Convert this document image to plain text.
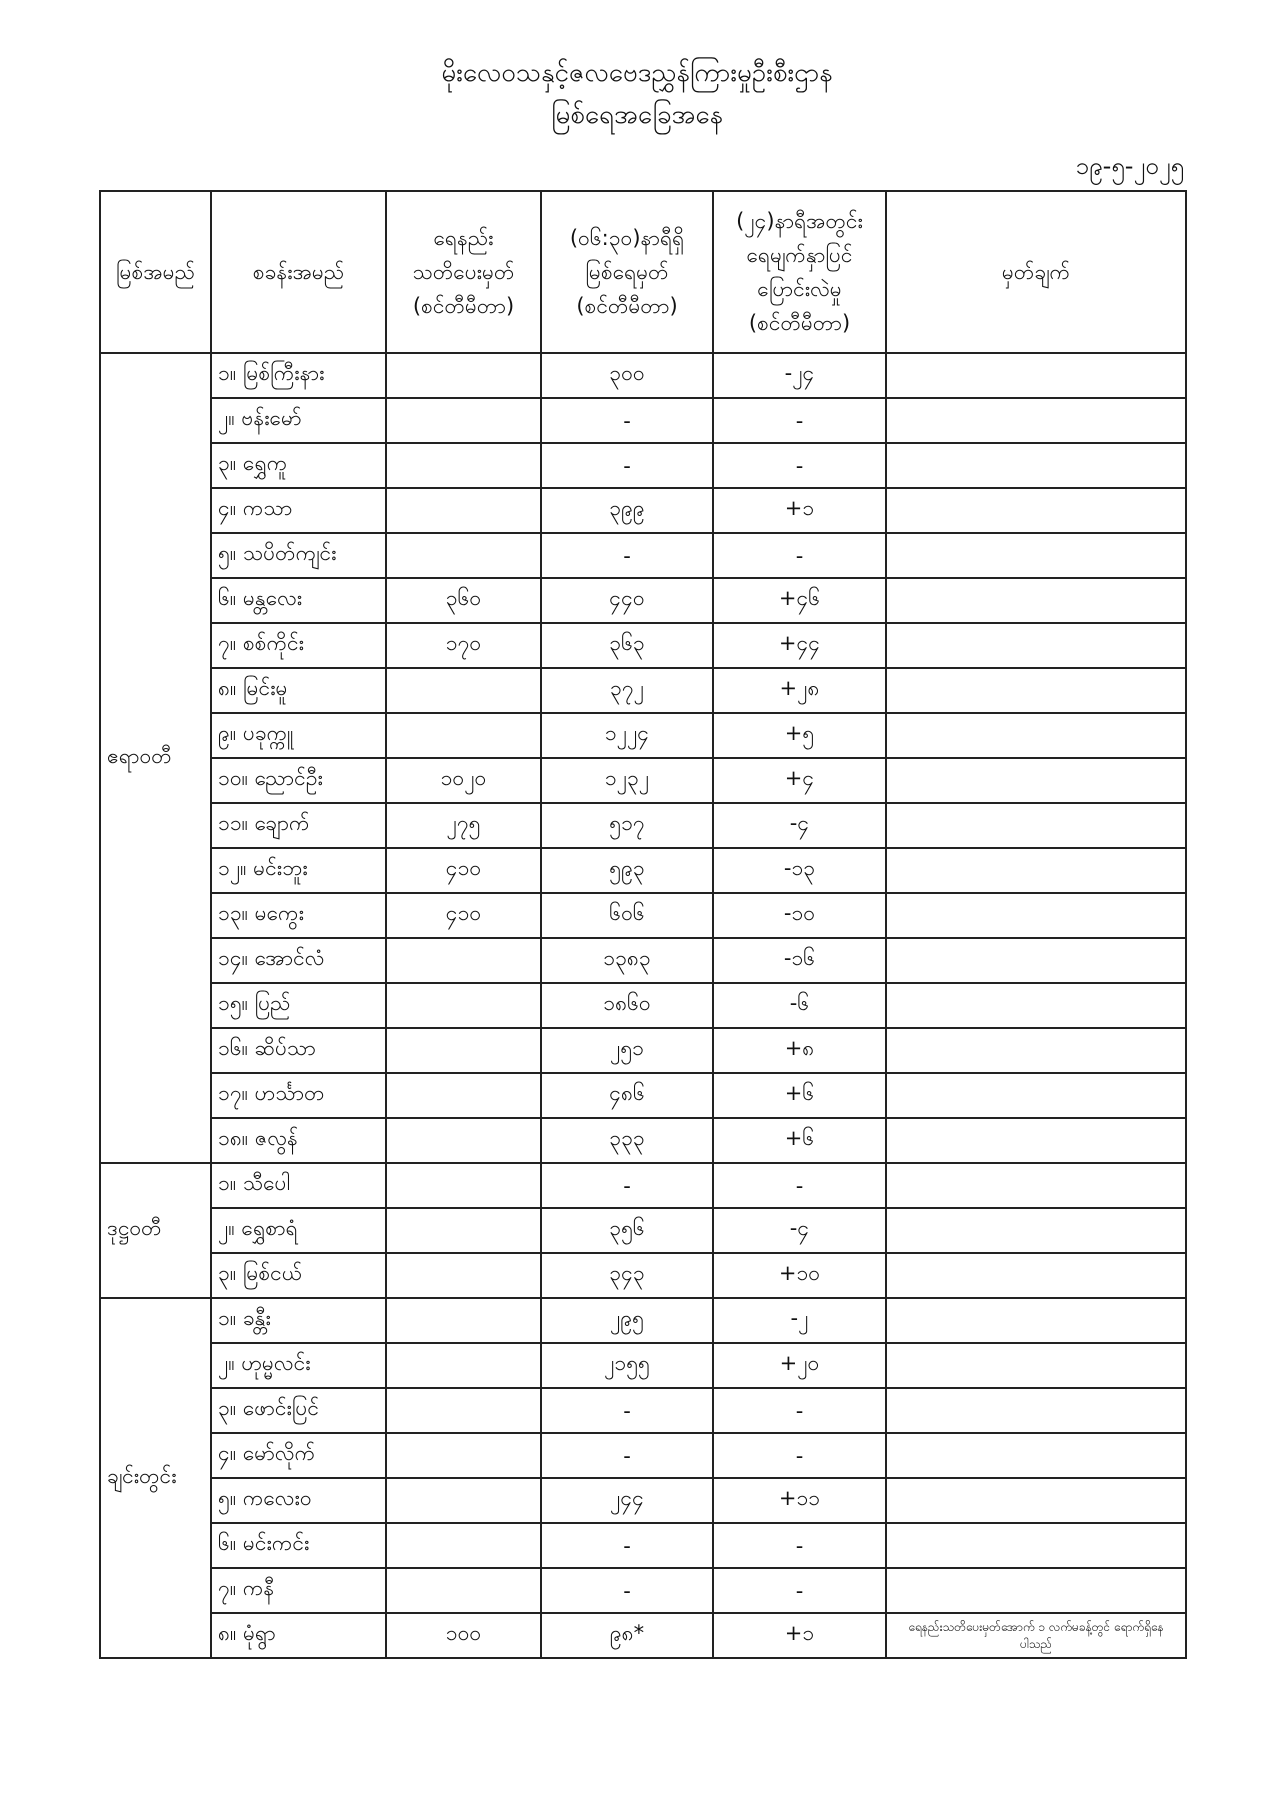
မိုးလေဝသနှင့်ဇလဗေဒညွှန်ကြားမှုဦးစီးဌာန
မြစ်ရေအခြေအနေ
၁၉-၅-၂၀၂၅
မြစ်အမည်	စခန်းအမည်	ရေနည်း
သတိပေးမှတ်
(စင်တီမီတာ)	(၀၆:၃၀)နာရီရှိ
မြစ်ရေမှတ်
(စင်တီမီတာ)	(၂၄)နာရီအတွင်း
ရေမျက်နှာပြင်
ပြောင်းလဲမှု
(စင်တီမီတာ)	မှတ်ချက်
ဧရာဝတီ	၁။ မြစ်ကြီးနား		၃၀၀	-၂၄	
	၂။ ဗန်းမော်		-	-	
	၃။ ရွှေကူ		-	-	
	၄။ ကသာ		၃၉၉	+၁	
	၅။ သပိတ်ကျင်း		-	-	
	၆။ မန္တလေး	၃၆၀	၄၄၀	+၄၆	
	၇။ စစ်ကိုင်း	၁၇၀	၃၆၃	+၄၄	
	၈။ မြင်းမူ		၃၇၂	+၂၈	
	၉။ ပခုက္ကူ		၁၂၂၄	+၅	
	၁၀။ ညောင်ဦး	၁၀၂၀	၁၂၃၂	+၄	
	၁၁။ ချောက်	၂၇၅	၅၁၇	-၄	
	၁၂။ မင်းဘူး	၄၁၀	၅၉၃	-၁၃	
	၁၃။ မကွေး	၄၁၀	၆၀၆	-၁၀	
	၁၄။ အောင်လံ		၁၃၈၃	-၁၆	
	၁၅။ ပြည်		၁၈၆၀	-၆	
	၁၆။ ဆိပ်သာ		၂၅၁	+၈	
	၁၇။ ဟင်္သာတ		၄၈၆	+၆	
	၁၈။ ဇလွန်		၃၃၃	+၆	
ဒုဋ္ဌဝတီ	၁။ သီပေါ		-	-	
	၂။ ရွှေစာရံ		၃၅၆	-၄	
	၃။ မြစ်ငယ်		၃၄၃	+၁၀	
ချင်းတွင်း	၁။ ခန္တီး		၂၉၅	-၂	
	၂။ ဟုမ္မလင်း		၂၁၅၅	+၂၀	
	၃။ ဖောင်းပြင်		-	-	
	၄။ မော်လိုက်		-	-	
	၅။ ကလေးဝ		၂၄၄	+၁၁	
	၆။ မင်းကင်း		-	-	
	၇။ ကနီ		-	-	
	၈။ မုံရွာ	၁၀၀	၉၈*	+၁	ရေနည်းသတိပေးမှတ်အောက် ၁ လက်မခန့်တွင် ရောက်ရှိနေပါသည်
